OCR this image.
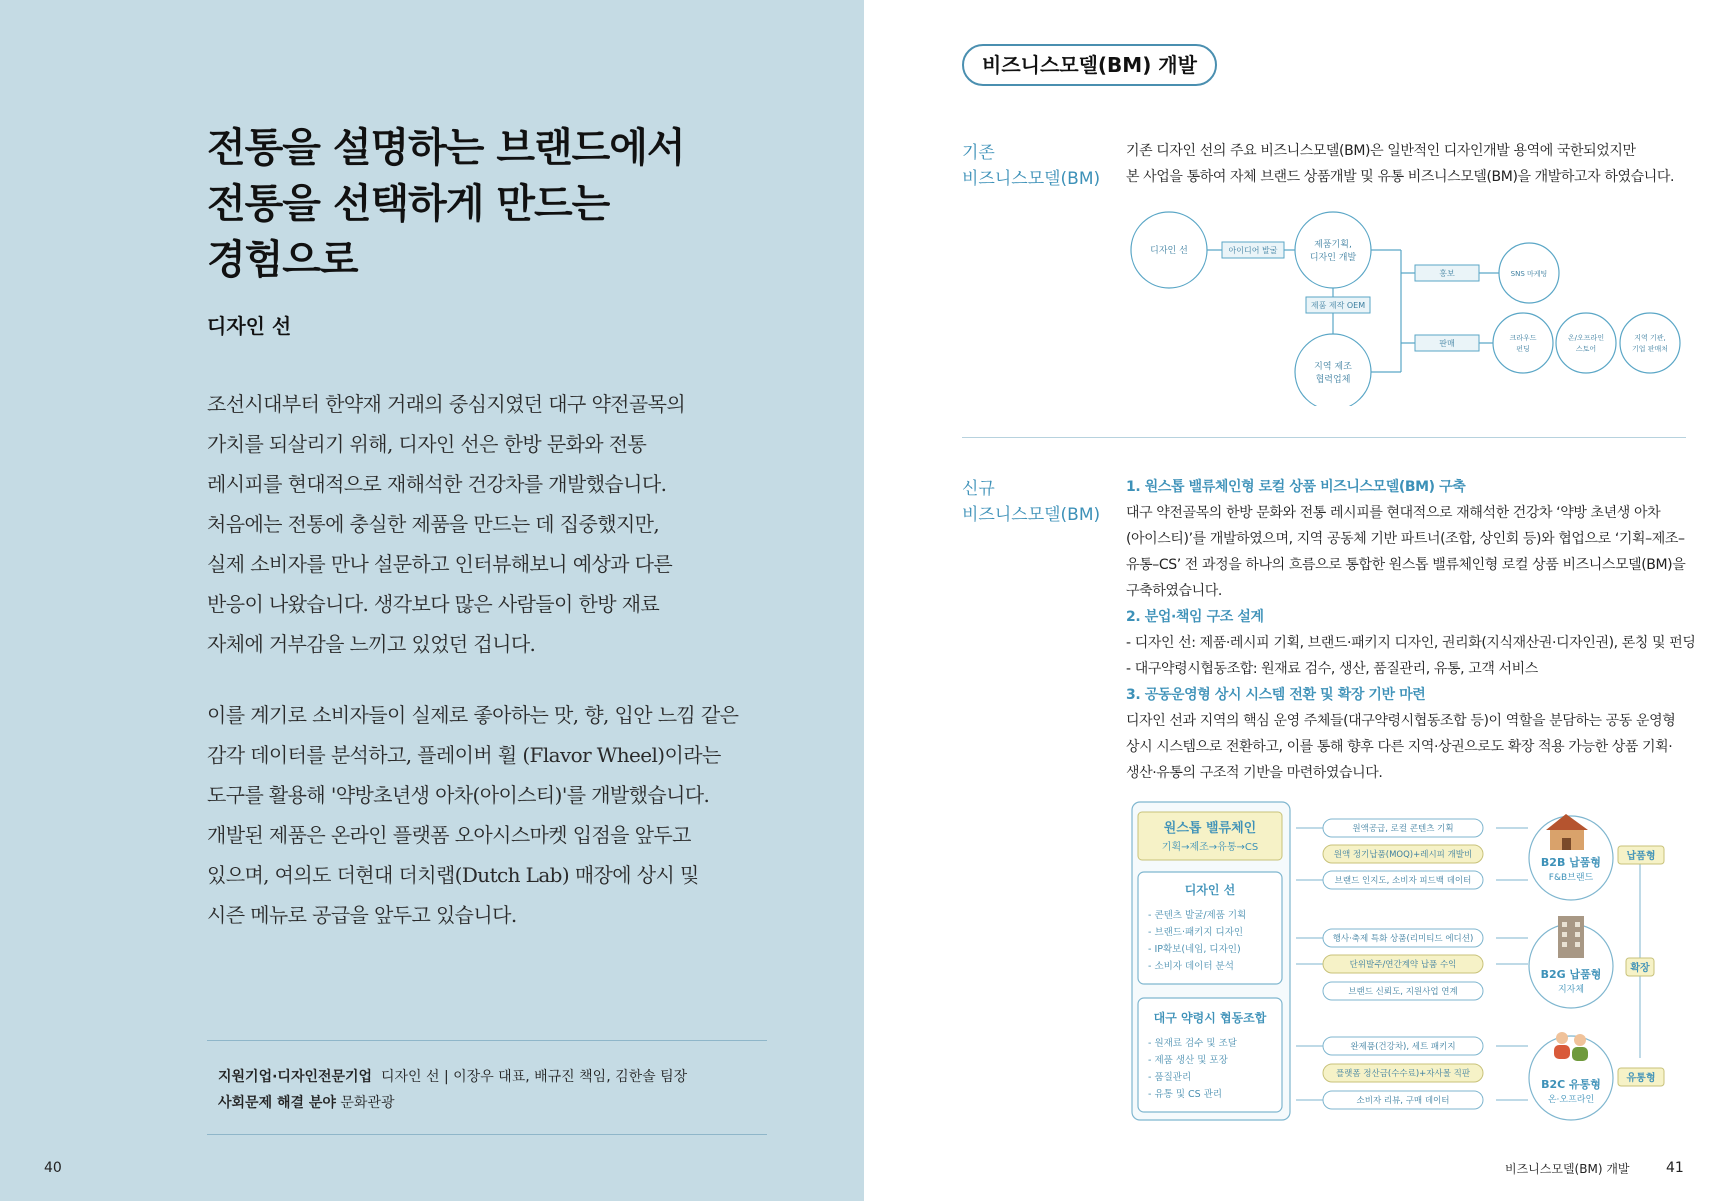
전통을 설명하는 브랜드에서
전통을 선택하게 만드는
경험으로
디자인 선
조선시대부터 한약재 거래의 중심지였던 대구 약전골목의
가치를 되살리기 위해, 디자인 선은 한방 문화와 전통
레시피를 현대적으로 재해석한 건강차를 개발했습니다.
처음에는 전통에 충실한 제품을 만드는 데 집중했지만,
실제 소비자를 만나 설문하고 인터뷰해보니 예상과 다른
반응이 나왔습니다. 생각보다 많은 사람들이 한방 재료
자체에 거부감을 느끼고 있었던 겁니다.
이를 계기로 소비자들이 실제로 좋아하는 맛, 향, 입안 느낌 같은
감각 데이터를 분석하고, 플레이버 휠 (Flavor Wheel)이라는
도구를 활용해 '약방초년생 아차(아이스티)'를 개발했습니다.
개발된 제품은 온라인 플랫폼 오아시스마켓 입점을 앞두고
있으며, 여의도 더현대 더치랩(Dutch Lab) 매장에 상시 및
시즌 메뉴로 공급을 앞두고 있습니다.
지원기업·디자인전문기업 디자인 선 | 이장우 대표, 배규진 책임, 김한솔 팀장
사회문제 해결 분야 문화관광
40
비즈니스모델(BM) 개발
기존
비즈니스모델(BM)
기존 디자인 선의 주요 비즈니스모델(BM)은 일반적인 디자인개발 용역에 국한되었지만
본 사업을 통하여 자체 브랜드 상품개발 및 유통 비즈니스모델(BM)을 개발하고자 하였습니다.
디자인 선	아이디어 발굴
제품기획,
디자인 개발
제품 제작 OEM
지역 제조
협력업체
홍보	SNS 마케팅
판매
크라우드
펀딩
온/오프라인
스토어
지역 기관,
기업 판매처
신규
비즈니스모델(BM)
1. 원스톱 밸류체인형 로컬 상품 비즈니스모델(BM) 구축
대구 약전골목의 한방 문화와 전통 레시피를 현대적으로 재해석한 건강차 ‘약방 초년생 아차
(아이스티)’를 개발하였으며, 지역 공동체 기반 파트너(조합, 상인회 등)와 협업으로 ‘기획–제조–
유통–CS’ 전 과정을 하나의 흐름으로 통합한 원스톱 밸류체인형 로컬 상품 비즈니스모델(BM)을
구축하였습니다.
2. 분업·책임 구조 설계
- 디자인 선: 제품·레시피 기획, 브랜드·패키지 디자인, 권리화(지식재산권·디자인권), 론칭 및 펀딩
- 대구약령시협동조합: 원재료 검수, 생산, 품질관리, 유통, 고객 서비스
3. 공동운영형 상시 시스템 전환 및 확장 기반 마련
디자인 선과 지역의 핵심 운영 주체들(대구약령시협동조합 등)이 역할을 분담하는 공동 운영형
상시 시스템으로 전환하고, 이를 통해 향후 다른 지역·상권으로도 확장 적용 가능한 상품 기획·
생산·유통의 구조적 기반을 마련하였습니다.
원스톱 밸류체인
기획→제조→유통→CS
디자인 선
대구 약령시 협동조합
- 콘텐츠 발굴/제품 기획
- 브랜드·패키지 디자인
- IP확보(네임, 디자인)
- 소비자 데이터 분석
- 원재료 검수 및 조달
- 제품 생산 및 포장
- 품질관리
- 유통 및 CS 관리
원액공급, 로컬 콘텐츠 기획
원액 정기납품(MOQ)+레시피 개발비
브랜드 인지도, 소비자 피드백 데이터
행사·축제 특화 상품(리미티드 에디션)
단위발주/연간계약 납품 수익
브랜드 신뢰도, 지원사업 연계
완제품(건강차), 세트 패키지
플랫폼 정산금(수수료)+자사몰 직판
소비자 리뷰, 구매 데이터
B2B 납품형
F&B브랜드
B2G 납품형
지자체
B2C 유통형
온·오프라인
납품형
확장
유통형
비즈니스모델(BM) 개발	41
